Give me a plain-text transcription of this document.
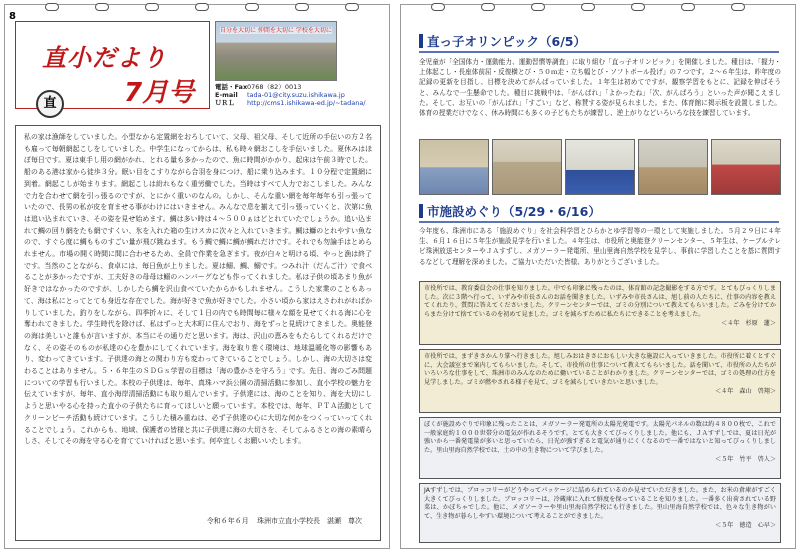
8
直小だより
7月号
直
自分を大切に 仲間を大切に 学校を大切に
電話・Fax 0768（82）0013
E-mail	tada-01@city.suzu.ishikawa.jp
ＵＲＬ	http://cms1.ishikawa-ed.jp/~tadana/
私の家は漁師をしていました。小型なから定置網をおろしていて、父母、祖父母、そして近所の手伝いの方２名も雇って毎朝網起こしをしていました。中学生になってからは、私も時々網おこしを手伝いました。夏休みはほぼ毎日です。夏は東手し用の網がかれ、とれる量も多かったので、魚に時間がかかり、起床は午前３時でした。船のある港は家から徒歩３分。眠い目をこすりながら合羽を身につけ、船に乗り込みます。１０分程で定置網に到着。網起こしが始まります。網起こしは紛れもなく重労働でした。当時はすべて人力でおこしました。みんなで力を合わせて網を引っ張るのですが、とにかく重いのなんの。しかし、そんな重い網を毎年毎年も引っ張っていたので、長男の私が皮を育ませる事がわけにはいきません。みんなで息を揃えて引っ張っていくと、次第に魚は追い込まれていき、その姿を見せ始めます。鯛は多い時は４～５００ぁはどとれていたでしょうか。追い込まれて鯛の回り網をたも網ですくい、氷を入れた箱の生けスカに次々と入れていきます。鯛は鰤のとれやすい魚なので、すぐら度に鯛もものすごい量が飛び跳ねます。もう鯛で鯛に鯛が鯛れだけです。それでも勿論手はとめられません。市場の開く時間に間に合わせるため、全員で作業を急ぎます。夜が白々と明ける頃、やっと漁は終了です。当然のことながら、食卓には、毎日魚が上りました。夏は鰯、鯛、鰯です。つみれ汁（だんご汁）で食べることが多かったですが、工夫好きの母母は鰯のハンバーグなども作ってくれました。私は子供の頃あまり魚が好きではなかったのですが、しかしたら鯛を沢山食べていたからかもしれません。こうした家業のこともあって、海は私にとってとても身近な存在でした。海が好きで魚が好きでした。小さい頃から家はえさわれがればかりしていました。釣りをしながら、四季折々に、そして１日の内でも時間毎に様々な顔を見せてくれる海に心を奪われてきました。学生時代を除けば、私はずっと大木町に住んでおり、海をずっと見続けてきました。奥能登の海は美しいと誰もが言いますが、本当にその通りだと思います。海は、沢山の恵みをもたらしてくれるだけでなく、その姿そのものが私達の心を豊かにしてくれています。海を取り巻く環境は、地球温暖化等の影響もあり、変わってきています。子供達の海との関わり方も変わってきていることでしょう。しかし、海の大切さは変わることはありません。５・６年生のＳＤＧｓ学習の目標は「海の豊かさを守ろう」です。先日、海のごみ問題についての学習も行いました。本校の子供達は、毎年、真珠ハマ浜公園の清掃活動に参加し、直小学校の魅力を伝えていますが、毎年、直小海岸清掃活動にも取り組んでいます。子供達には、海のことを知り、海を大切にしようと思いやる心を持った直小の子供たちに育ってほしいと願っています。本校では、毎年、ＰＴＡ活動としてクリーンビーチ活動も続けています。こうした積み重ねは、必ず子供達の心に大切な何かをつくっていってくれることでしょう。これからも、地域、保護者の皆様と共に子供達に海の大切さを、そしてふるさとの海の素晴らしさ、そしてその海を守る心を育てていければと思います。何卒宜しくお願いいたします。
令和６年６月 珠洲市立直小学校長　湛瀬　尊次
直っ子オリンピック（6/5）
全児童が「全国体力・運動能力、運動習慣等調査」に取り組む「直っ子オリンピック」を開催しました。種目は、「握力・上体起こし・長座体前屈・反復横とび・５０ｍ走・立ち幅とび・ソフトボール投げ」の７つです。２～６年生は、昨年度の記録の更新を目指し、目標を決めてがんばっていました。１年生は初めてですが、観察学習をもとに、記録を伸ばそうと、みんなで一生懸命でした。種目に挑戦中は、「がんばれ」「よかったね」「次、がんばろう」といった声が聞こえました。そして、お互いの「がんばれ」「すごい」など、称賛する姿が見られました。また、体育館に掲示板を設置しました。体育の授業だけでなく、休み時間にも多くの子どもたちが練習し、逆上がりなどいろいろな技を練習しています。
市施設めぐり（5/29・6/16）
今年度も、珠洲市にある「施設めぐり」を社会科学習とひらかとゆ学習等の一環として実施しました。５月２９日に４年生、６月１６日に５年生が施設見学を行いました。４年生は、市役所と奥能登クリーンセンター、５年生は、ケーブルテレビ珠洲放送センターやＪＡすずし、メガソーラー発電所、里山里海自然学校を見学し、事前に学習したことを基に質問するなどして理解を深めました。ご協力いただいた皆様、ありがとうございました。
市役所では、教育委員会の仕事を知りました。中でも印象に残ったのは、体育館の記念撮影をする方です。とてもびっくりしました。次に３階へ行って、いずみや市長さんのお話を聞きました。いずみや市長さんは、旭し前の人たちに、仕事の内容を教えてくれたり、質問に答えてくださいました。クリーンセンターでは、ゴミの分別について教えてもらいました。ごみを分けてからまた分けて捨てているのを初めて見ました。ゴミを減らすために私たちにできることを考えました。
＜４年　杉原　蓮＞
市役所では、まずきさかんり掌へ行きました。旭しみおはきさにおもしい大きな施設に入っていきました。市役所に着くとすぐに、大会議室まで案内してもらいました。そして、市役所の仕事について教えてもらいました。話を聞いて、市役所の人たちがいろいろな仕事をして、珠洲市のみんなのために働いていることがわかりました。クリーンセンターでは、ゴミの処理の仕方を見学しました。ゴミが燃やされる様子を見て、ゴミを減らしていきたいと思いました。
＜４年　森山　啓翔＞
ぼくが施設めぐりで印象に残ったことは、メガソーラー発電所の太陽光発電です。太陽光パネルの数は約４８００枚で、これで一般家庭約１０００世帯分の電気が作れるそうです。とても大きくてびっくりしました。他にも、ＪＡすずしでは、夏は日光が強いから一番発電量が多いと思っていたら、日光が強すぎると電気が通りにくくなるので一番ではないと知ってびっくりしました。里山里海自然学校では、土の中の生き物について学びました。
＜５年　竹平　啓人＞
JAすずしでは、ブロッコリーがどうやってパッケージに詰められているのか見せていただきました。また、お米の倉庫がすごく大きくてびっくりしました。ブロッコリーは、冷蔵庫に入れて鮮度を保っていることを知りました。一番多く出荷されている野菜は、かぼちゃでした。他に、メガソーラーや里山里海自然学校にも行きました。里山里海自然学校では、色々な生き物がいて、生き物が暮らしやすい環境について考えることができました。
＜５年　徳造　心早＞
